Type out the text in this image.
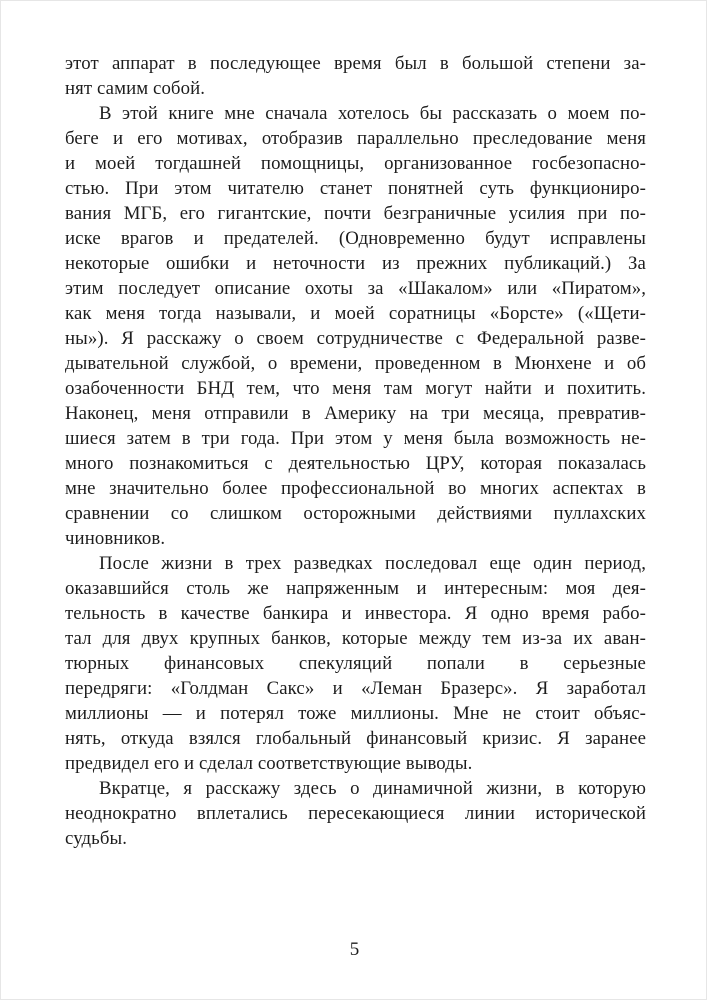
этот аппарат в последующее время был в большой степени за-
нят самим собой.
В этой книге мне сначала хотелось бы рассказать о моем по-
беге и его мотивах, отобразив параллельно преследование меня
и моей тогдашней помощницы, организованное госбезопасно-
стью. При этом читателю станет понятней суть функциониро-
вания МГБ, его гигантские, почти безграничные усилия при по-
иске врагов и предателей. (Одновременно будут исправлены
некоторые ошибки и неточности из прежних публикаций.) За
этим последует описание охоты за «Шакалом» или «Пиратом»,
как меня тогда называли, и моей соратницы «Борсте» («Щети-
ны»). Я расскажу о своем сотрудничестве с Федеральной разве-
дывательной службой, о времени, проведенном в Мюнхене и об
озабоченности БНД тем, что меня там могут найти и похитить.
Наконец, меня отправили в Америку на три месяца, превратив-
шиеся затем в три года. При этом у меня была возможность не-
много познакомиться с деятельностью ЦРУ, которая показалась
мне значительно более профессиональной во многих аспектах в
сравнении со слишком осторожными действиями пуллахских
чиновников.
После жизни в трех разведках последовал еще один период,
оказавшийся столь же напряженным и интересным: моя дея-
тельность в качестве банкира и инвестора. Я одно время рабо-
тал для двух крупных банков, которые между тем из-за их аван-
тюрных финансовых спекуляций попали в серьезные
передряги: «Голдман Сакс» и «Леман Бразерс». Я заработал
миллионы — и потерял тоже миллионы. Мне не стоит объяс-
нять, откуда взялся глобальный финансовый кризис. Я заранее
предвидел его и сделал соответствующие выводы.
Вкратце, я расскажу здесь о динамичной жизни, в которую
неоднократно вплетались пересекающиеся линии исторической
судьбы.
5
